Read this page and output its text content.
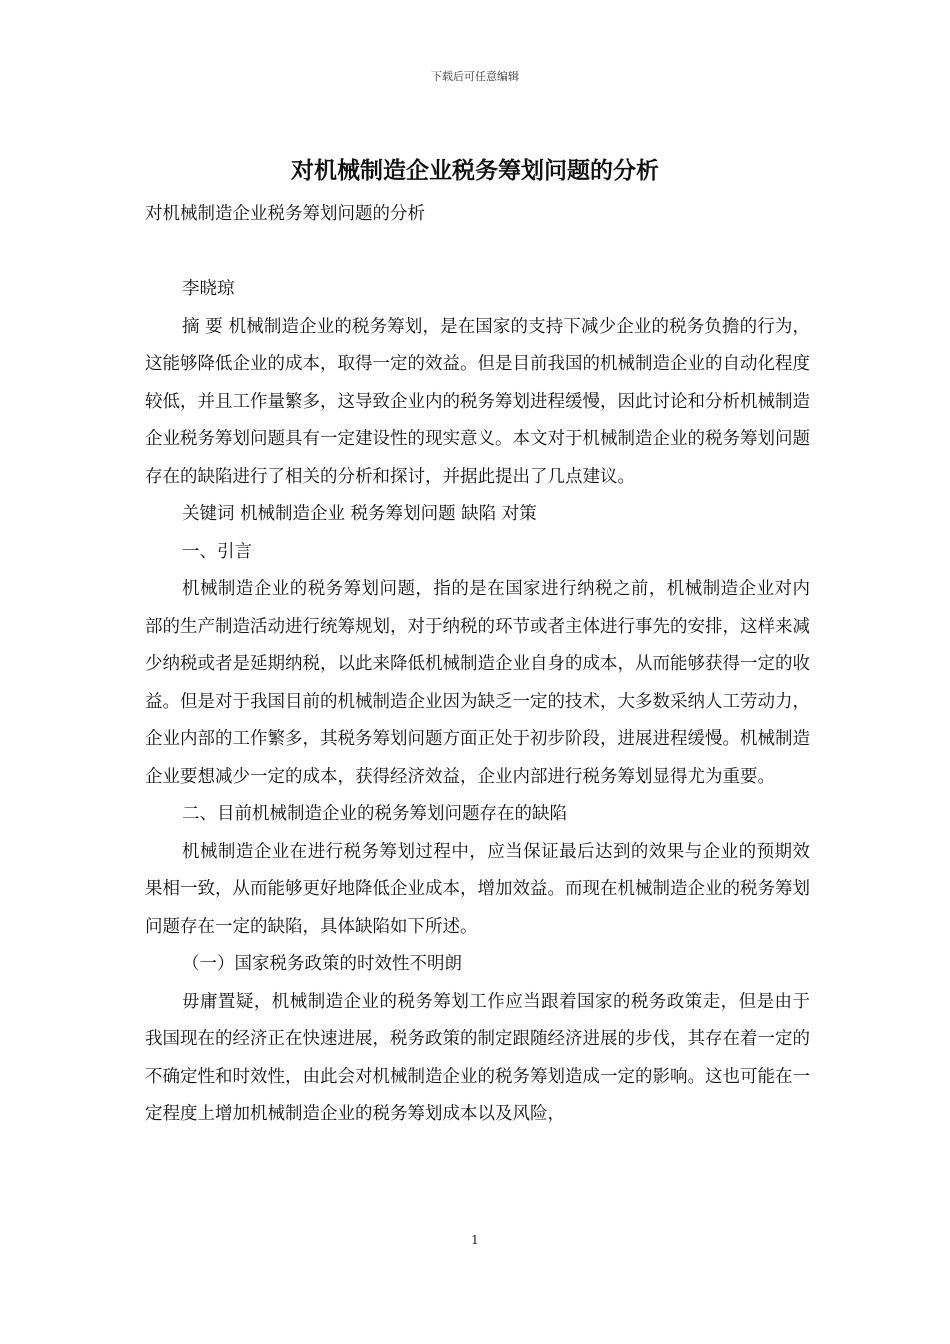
下载后可任意编辑
对机械制造企业税务筹划问题的分析

对机械制造企业税务筹划问题的分析

李晓琼

摘 要 机械制造企业的税务筹划，是在国家的支持下减少企业的税务负擔的行为，这能够降低企业的成本，取得一定的效益。但是目前我国的机械制造企业的自动化程度较低，并且工作量繁多，这导致企业内的税务筹划进程缓慢，因此讨论和分析机械制造企业税务筹划问题具有一定建设性的现实意义。本文对于机械制造企业的税务筹划问题存在的缺陷进行了相关的分析和探讨，并据此提出了几点建议。

关键词 机械制造企业 税务筹划问题 缺陷 对策

一、引言

机械制造企业的税务筹划问题，指的是在国家进行纳税之前，机械制造企业对内部的生产制造活动进行统筹规划，对于纳税的环节或者主体进行事先的安排，这样来减少纳税或者是延期纳税，以此来降低机械制造企业自身的成本，从而能够获得一定的收益。但是对于我国目前的机械制造企业因为缺乏一定的技术，大多数采纳人工劳动力，企业内部的工作繁多，其税务筹划问题方面正处于初步阶段，进展进程缓慢。机械制造企业要想减少一定的成本，获得经济效益，企业内部进行税务筹划显得尤为重要。

二、目前机械制造企业的税务筹划问题存在的缺陷

机械制造企业在进行税务筹划过程中，应当保证最后达到的效果与企业的预期效果相一致，从而能够更好地降低企业成本，增加效益。而现在机械制造企业的税务筹划问题存在一定的缺陷，具体缺陷如下所述。

（一）国家税务政策的时效性不明朗

毋庸置疑，机械制造企业的税务筹划工作应当跟着国家的税务政策走，但是由于我国现在的经济正在快速进展，税务政策的制定跟随经济进展的步伐，其存在着一定的不确定性和时效性，由此会对机械制造企业的税务筹划造成一定的影响。这也可能在一定程度上增加机械制造企业的税务筹划成本以及风险，

1
